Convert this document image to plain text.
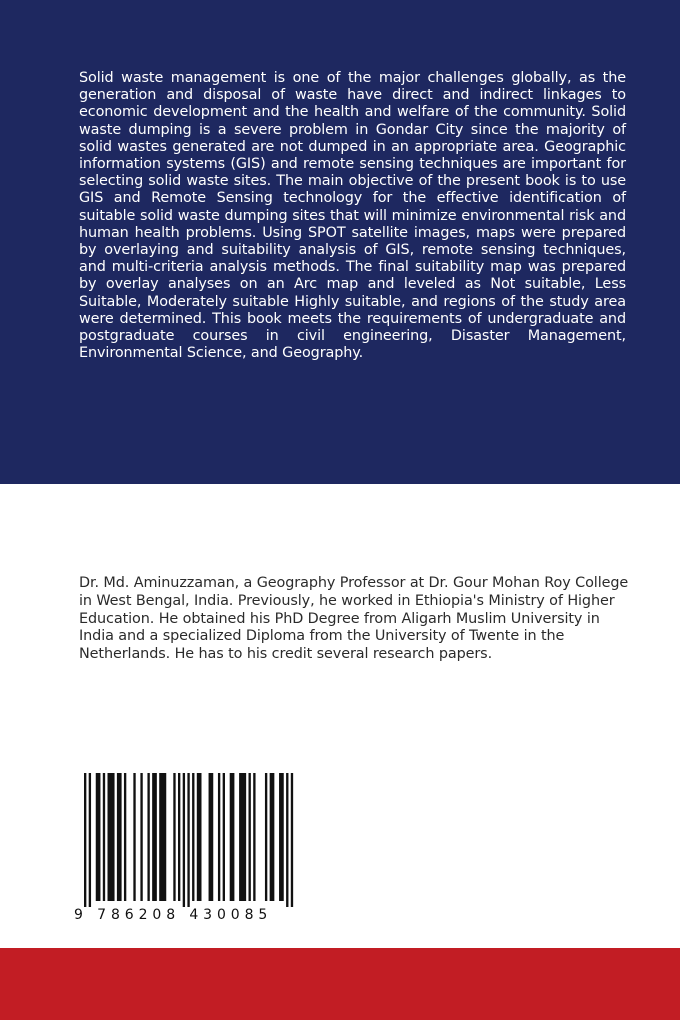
Solid waste management is one of the major challenges globally, as the generation and disposal of waste have direct and indirect linkages to economic development and the health and welfare of the community. Solid waste dumping is a severe problem in Gondar City since the majority of solid wastes generated are not dumped in an appropriate area. Geographic information systems (GIS) and remote sensing techniques are important for selecting solid waste sites. The main objective of the present book is to use GIS and Remote Sensing technology for the effective identification of suitable solid waste dumping sites that will minimize environmental risk and human health problems. Using SPOT satellite images, maps were prepared by overlaying and suitability analysis of GIS, remote sensing techniques, and multi-criteria analysis methods. The final suitability map was prepared by overlay analyses on an Arc map and leveled as Not suitable, Less Suitable, Moderately suitable Highly suitable, and regions of the study area were determined. This book meets the requirements of undergraduate and postgraduate courses in civil engineering, Disaster Management, Environmental Science, and Geography.

Dr. Md. Aminuzzaman, a Geography Professor at Dr. Gour Mohan Roy College in West Bengal, India. Previously, he worked in Ethiopia's Ministry of Higher Education. He obtained his PhD Degree from Aligarh Muslim University in India and a specialized Diploma from the University of Twente in the Netherlands. He has to his credit several research papers.

9 786208 430085
